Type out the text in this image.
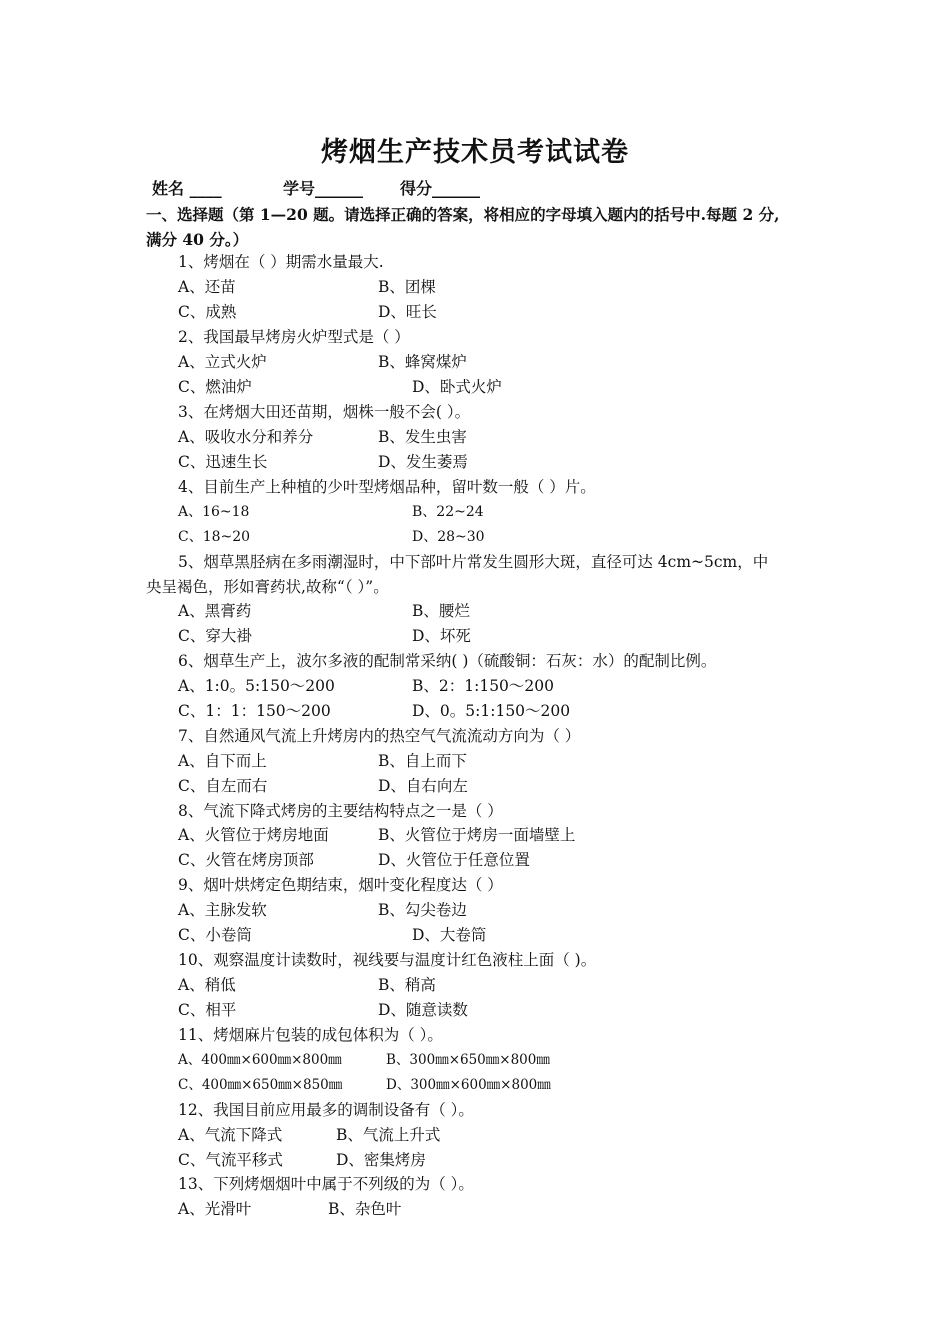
烤烟生产技术员考试试卷
姓名 ____	学号______ 得分______
一、选择题（第 1—20 题。请选择正确的答案，将相应的字母填入题内的括号中.每题 2 分,
满分 40 分。）
1、烤烟在（ ）期需水量最大.
A、还苗	B、团棵
C、成熟	D、旺长
2、我国最早烤房火炉型式是（ ）
A、立式火炉	B、蜂窝煤炉
C、燃油炉	D、卧式火炉
3、在烤烟大田还苗期，烟株一般不会( ）。
A、吸收水分和养分	B、发生虫害
C、迅速生长	D、发生萎焉
4、目前生产上种植的少叶型烤烟品种，留叶数一般（ ）片。
A、16~18	B、22~24
C、18~20	D、28~30
5、烟草黑胫病在多雨潮湿时，中下部叶片常发生圆形大斑，直径可达 4cm~5cm，中
央呈褐色，形如膏药状,故称“（ ）”。
A、黑膏药	B、腰烂
C、穿大褂	D、坏死
6、烟草生产上，波尔多液的配制常采纳( )（硫酸铜：石灰：水）的配制比例。
A、1:0。5:150～200	B、2：1:150～200
C、1：1：150～200	D、0。5:1:150～200
7、自然通风气流上升烤房内的热空气气流流动方向为（ ）
A、自下而上	B、自上而下
C、自左而右	D、自右向左
8、气流下降式烤房的主要结构特点之一是（ ）
A、火管位于烤房地面	B、火管位于烤房一面墙壁上
C、火管在烤房顶部	D、火管位于任意位置
9、烟叶烘烤定色期结束，烟叶变化程度达（ ）
A、主脉发软	B、勾尖卷边
C、小卷筒	D、大卷筒
10、观察温度计读数时，视线要与温度计红色液柱上面（ )。
A、稍低	B、稍高
C、相平	D、随意读数
11、烤烟麻片包装的成包体积为（ ）。
A、400㎜×600㎜×800㎜	B、300㎜×650㎜×800㎜
C、400㎜×650㎜×850㎜	D、300㎜×600㎜×800㎜
12、我国目前应用最多的调制设备有（ ）。
A、气流下降式	B、气流上升式
C、气流平移式	D、密集烤房
13、下列烤烟烟叶中属于不列级的为（ ）。
A、光滑叶	B、杂色叶
